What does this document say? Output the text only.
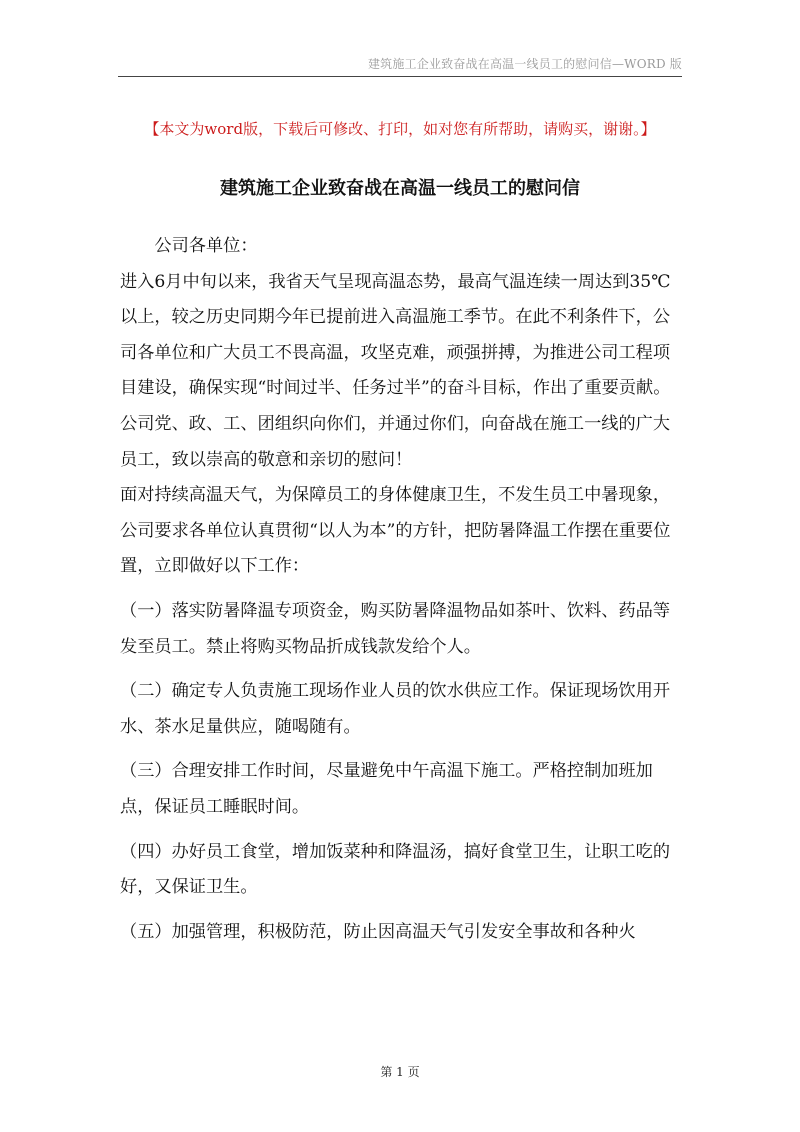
建筑施工企业致奋战在高温一线员工的慰问信—WORD 版
【本文为word版，下载后可修改、打印，如对您有所帮助，请购买，谢谢。】
建筑施工企业致奋战在高温一线员工的慰问信

公司各单位：

进入6月中旬以来，我省天气呈现高温态势，最高气温连续一周达到35℃以上，较之历史同期今年已提前进入高温施工季节。在此不利条件下，公司各单位和广大员工不畏高温，攻坚克难，顽强拼搏，为推进公司工程项目建设，确保实现“时间过半、任务过半”的奋斗目标，作出了重要贡献。公司党、政、工、团组织向你们，并通过你们，向奋战在施工一线的广大员工，致以崇高的敬意和亲切的慰问！

面对持续高温天气，为保障员工的身体健康卫生，不发生员工中暑现象，公司要求各单位认真贯彻“以人为本”的方针，把防暑降温工作摆在重要位置，立即做好以下工作：

（一）落实防暑降温专项资金，购买防暑降温物品如茶叶、饮料、药品等发至员工。禁止将购买物品折成钱款发给个人。

（二）确定专人负责施工现场作业人员的饮水供应工作。保证现场饮用开水、茶水足量供应，随喝随有。

（三）合理安排工作时间，尽量避免中午高温下施工。严格控制加班加点，保证员工睡眠时间。

（四）办好员工食堂，增加饭菜种和降温汤，搞好食堂卫生，让职工吃的好，又保证卫生。

（五）加强管理，积极防范，防止因高温天气引发安全事故和各种火

第 1 页
